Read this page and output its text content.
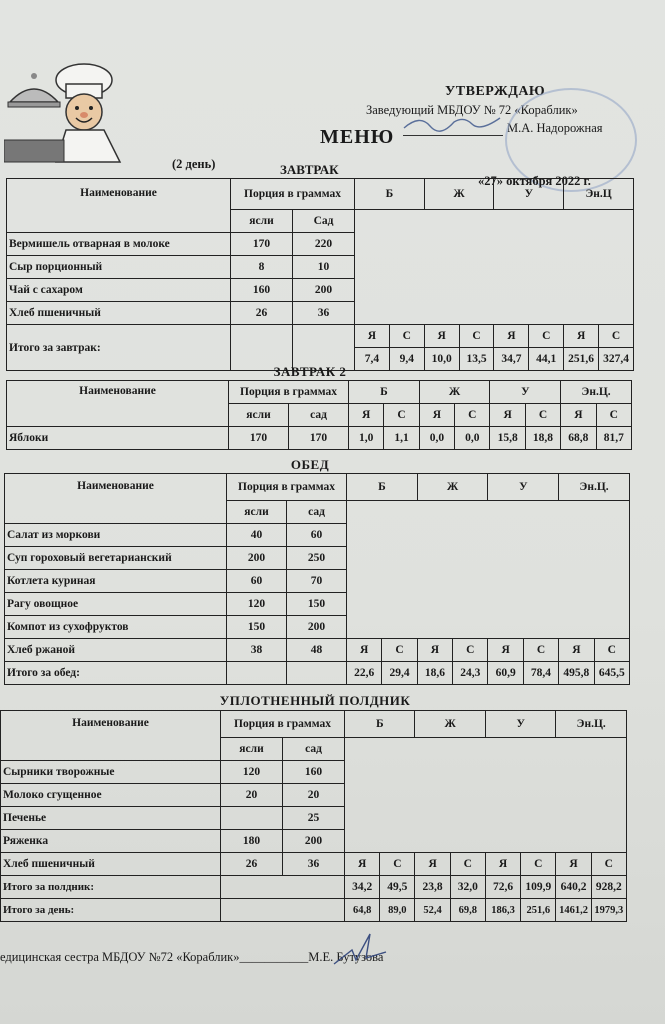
УТВЕРЖДАЮ
Заведующий МБДОУ № 72 «Кораблик»
М.А. Надорожная
МЕНЮ
(2 день)	ЗАВТРАК
«27» октября 2022 г.
Наименование	Порция в граммах		Б		Ж		У		Эн.Ц	
	ясли	Сад								
Вермишель отварная в молоке	170	220								
Сыр порционный	8	10								
Чай с сахаром	160	200								
Хлеб пшеничный	26	36								
Итого за завтрак:			Я	С	Я	С	Я	С	Я	С
			7,4	9,4	10,0	13,5	34,7	44,1	251,6	327,4
ЗАВТРАК 2
Наименование	Порция в граммах		Б		Ж		У		Эн.Ц.	
	ясли	сад	Я	С	Я	С	Я	С	Я	С
Яблоки	170	170	1,0	1,1	0,0	0,0	15,8	18,8	68,8	81,7
ОБЕД
Наименование	Порция в граммах		Б		Ж		У		Эн.Ц.	
	ясли	сад								
Салат из моркови	40	60								
Суп гороховый вегетарианский	200	250								
Котлета куриная	60	70								
Рагу овощное	120	150								
Компот из сухофруктов	150	200								
Хлеб ржаной	38	48	Я	С	Я	С	Я	С	Я	С
Итого за обед:			22,6	29,4	18,6	24,3	60,9	78,4	495,8	645,5
УПЛОТНЕННЫЙ ПОЛДНИК
Наименование	Порция в граммах		Б		Ж		У		Эн.Ц.	
	ясли	сад								
Сырники творожные	120	160								
Молоко сгущенное	20	20								
Печенье		25								
Ряженка	180	200								
Хлеб пшеничный	26	36	Я	С	Я	С	Я	С	Я	С
Итого за полдник:			34,2	49,5	23,8	32,0	72,6	109,9	640,2	928,2
Итого за день:			64,8	89,0	52,4	69,8	186,3	251,6	1461,2	1979,3
едицинская сестра МБДОУ №72 «Кораблик»___________М.Е. Бутузова
